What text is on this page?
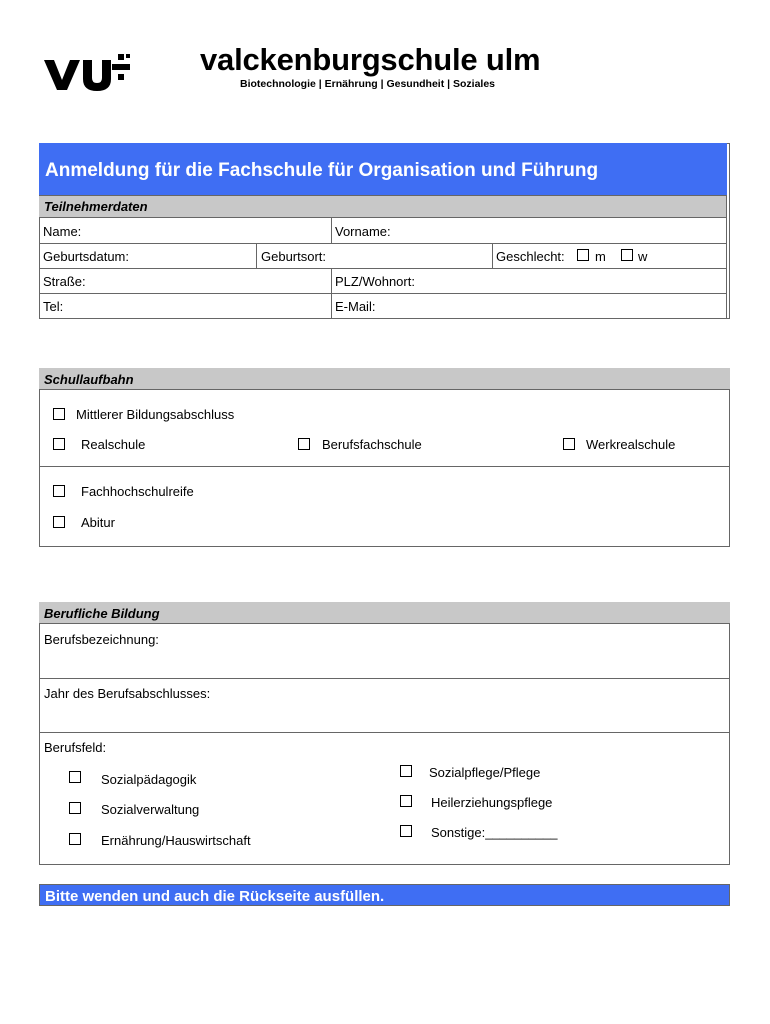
valckenburgschule ulm
Biotechnologie | Ernährung | Gesundheit | Soziales
Anmeldung für die Fachschule für Organisation und Führung
Teilnehmerdaten
Name:	Vorname:
Geburtsdatum:	Geburtsort:	Geschlecht: m w
Straße:	PLZ/Wohnort:
Tel:	E-Mail:
Schullaufbahn
Mittlerer Bildungsabschluss
Realschule	Berufsfachschule	Werkrealschule
Fachhochschulreife
Abitur
Berufliche Bildung
Berufsbezeichnung:
Jahr des Berufsabschlusses:
Berufsfeld:
Sozialpädagogik
Sozialverwaltung
Ernährung/Hauswirtschaft
Sozialpflege/Pflege
Heilerziehungspflege
Sonstige:__________
Bitte wenden und auch die Rückseite ausfüllen.
